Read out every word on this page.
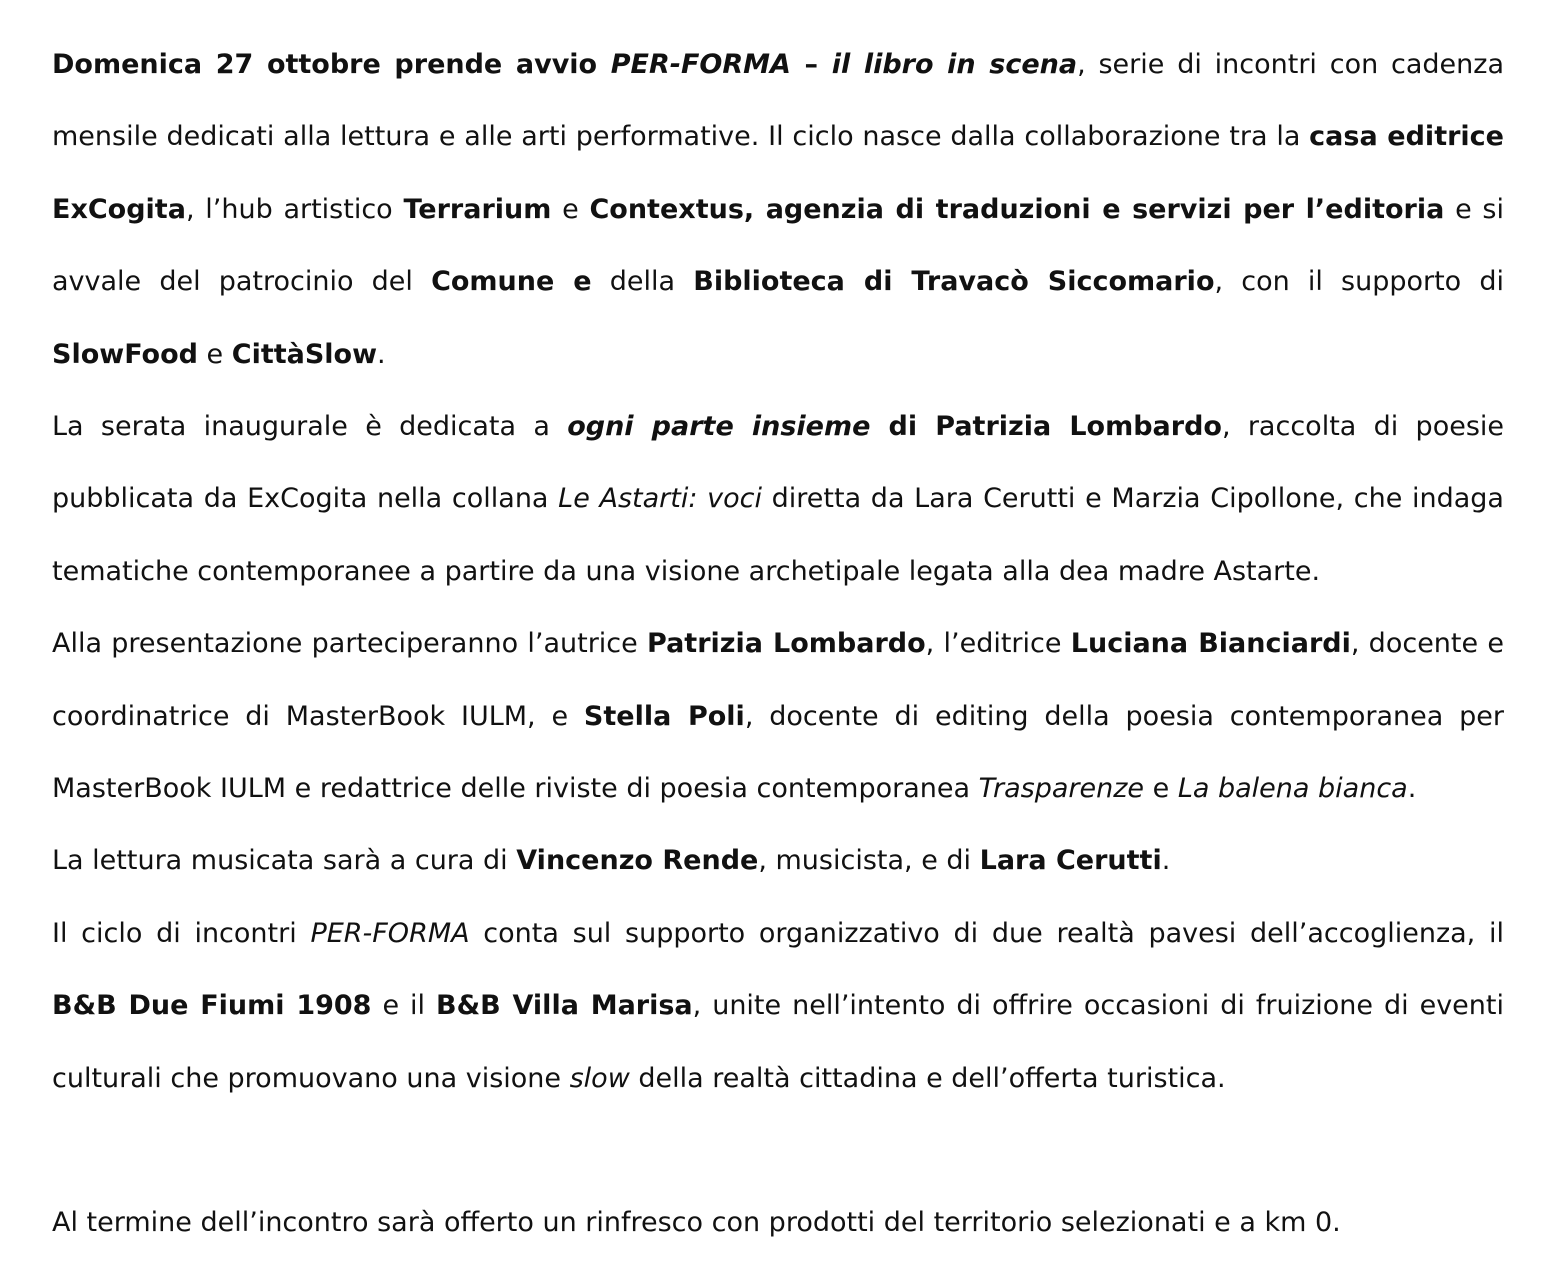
Domenica 27 ottobre prende avvio PER-FORMA – il libro in scena, serie di incontri con cadenza mensile dedicati alla lettura e alle arti performative. Il ciclo nasce dalla collaborazione tra la casa editrice ExCogita, l’hub artistico Terrarium e Contextus, agenzia di traduzioni e servizi per l’editoria e si avvale del patrocinio del Comune e della Biblioteca di Travacò Siccomario, con il supporto di SlowFood e CittàSlow.

La serata inaugurale è dedicata a ogni parte insieme di Patrizia Lombardo, raccolta di poesie pubblicata da ExCogita nella collana Le Astarti: voci diretta da Lara Cerutti e Marzia Cipollone, che indaga tematiche contemporanee a partire da una visione archetipale legata alla dea madre Astarte.

Alla presentazione parteciperanno l’autrice Patrizia Lombardo, l’editrice Luciana Bianciardi, docente e coordinatrice di MasterBook IULM, e Stella Poli, docente di editing della poesia contemporanea per MasterBook IULM e redattrice delle riviste di poesia contemporanea Trasparenze e La balena bianca.

La lettura musicata sarà a cura di Vincenzo Rende, musicista, e di Lara Cerutti.

Il ciclo di incontri PER-FORMA conta sul supporto organizzativo di due realtà pavesi dell’accoglienza, il B&B Due Fiumi 1908 e il B&B Villa Marisa, unite nell’intento di offrire occasioni di fruizione di eventi culturali che promuovano una visione slow della realtà cittadina e dell’offerta turistica.

Al termine dell’incontro sarà offerto un rinfresco con prodotti del territorio selezionati e a km 0.
